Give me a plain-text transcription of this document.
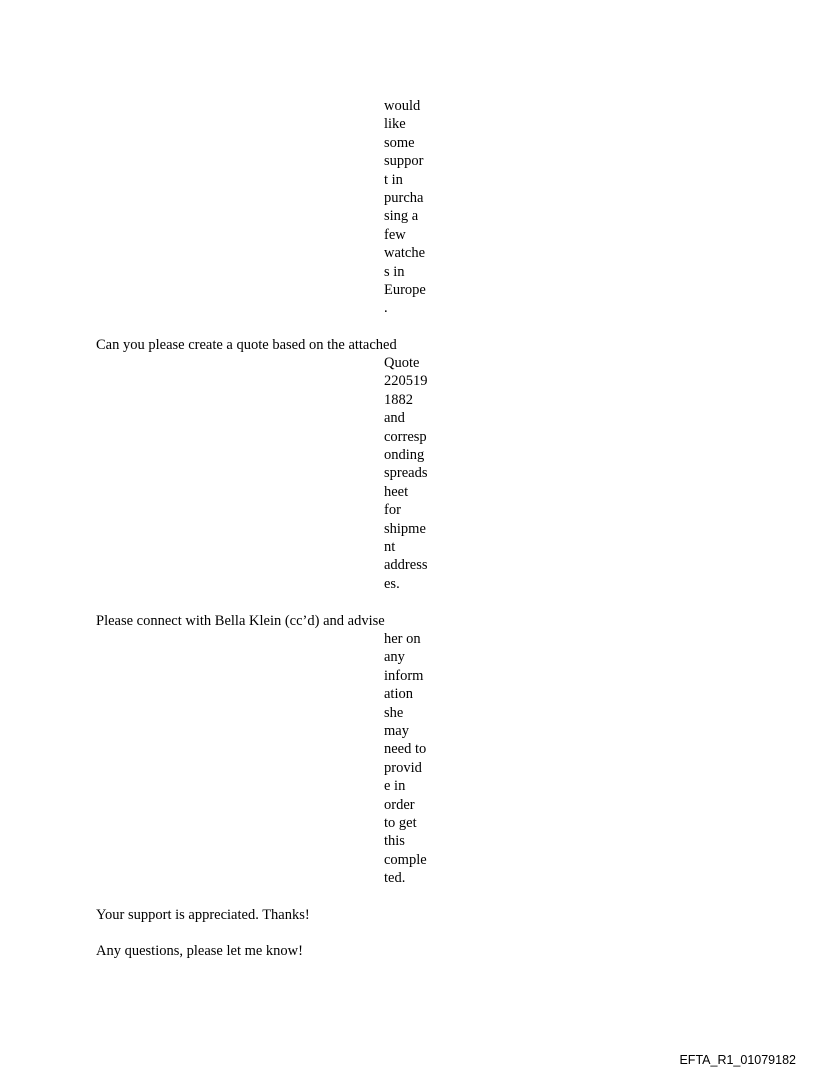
would
like
some
suppor
t in
purcha
sing a
few
watche
s in
Europe
.
Can you please create a quote based on the attached
Quote
220519
1882
and
corresp
onding
spreads
heet
for
shipme
nt
address
es.
Please connect with Bella Klein (cc’d) and advise
her on
any
inform
ation
she
may
need to
provid
e in
order
to get
this
comple
ted.
Your support is appreciated. Thanks!
Any questions, please let me know!
EFTA_R1_01079182
